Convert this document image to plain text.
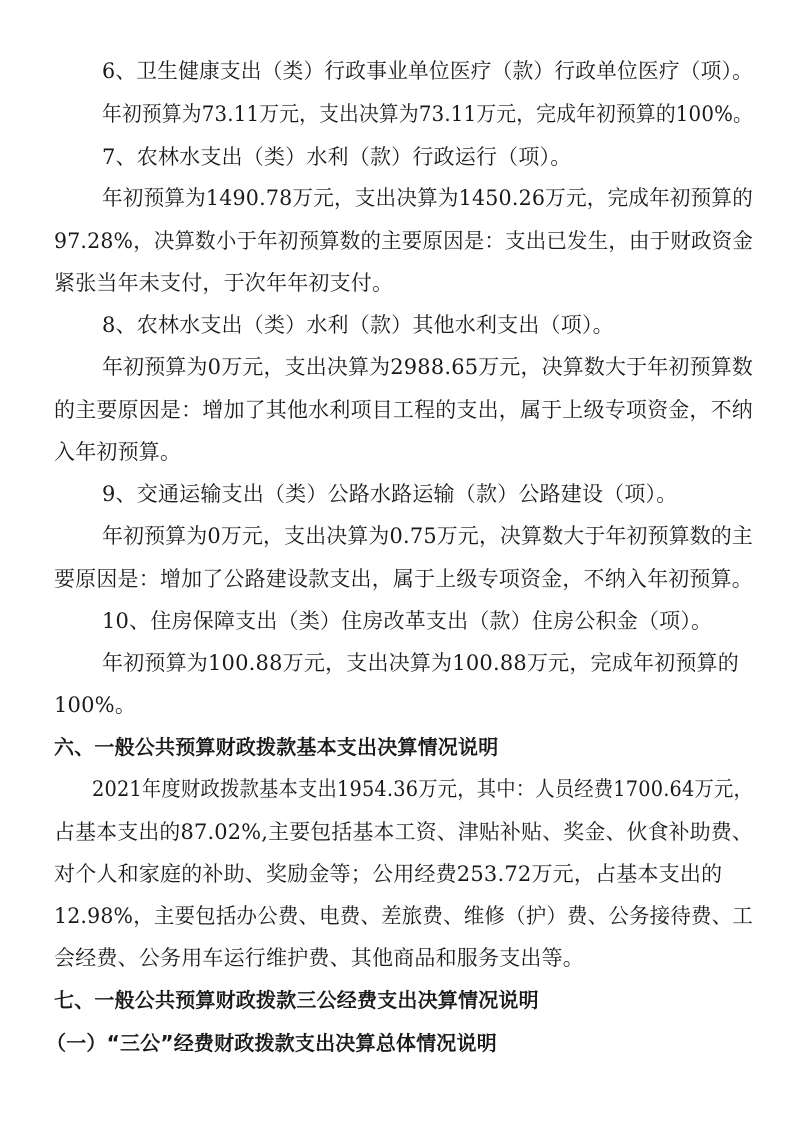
6、卫生健康支出（类）行政事业单位医疗（款）行政单位医疗（项）。

年初预算为73.11万元，支出决算为73.11万元，完成年初预算的100%。

7、农林水支出（类）水利（款）行政运行（项）。

年初预算为1490.78万元，支出决算为1450.26万元，完成年初预算的

97.28%，决算数小于年初预算数的主要原因是：支出已发生，由于财政资金

紧张当年未支付，于次年年初支付。

8、农林水支出（类）水利（款）其他水利支出（项）。

年初预算为0万元，支出决算为2988.65万元，决算数大于年初预算数

的主要原因是：增加了其他水利项目工程的支出，属于上级专项资金，不纳

入年初预算。

9、交通运输支出（类）公路水路运输（款）公路建设（项）。

年初预算为0万元，支出决算为0.75万元，决算数大于年初预算数的主

要原因是：增加了公路建设款支出，属于上级专项资金，不纳入年初预算。

10、住房保障支出（类）住房改革支出（款）住房公积金（项）。

年初预算为100.88万元，支出决算为100.88万元，完成年初预算的

100%。

六、一般公共预算财政拨款基本支出决算情况说明

2021年度财政拨款基本支出1954.36万元，其中：人员经费1700.64万元，

占基本支出的87.02%,主要包括基本工资、津贴补贴、奖金、伙食补助费、

对个人和家庭的补助、奖励金等；公用经费253.72万元，占基本支出的

12.98%，主要包括办公费、电费、差旅费、维修（护）费、公务接待费、工

会经费、公务用车运行维护费、其他商品和服务支出等。

七、一般公共预算财政拨款三公经费支出决算情况说明

（一）“三公”经费财政拨款支出决算总体情况说明
